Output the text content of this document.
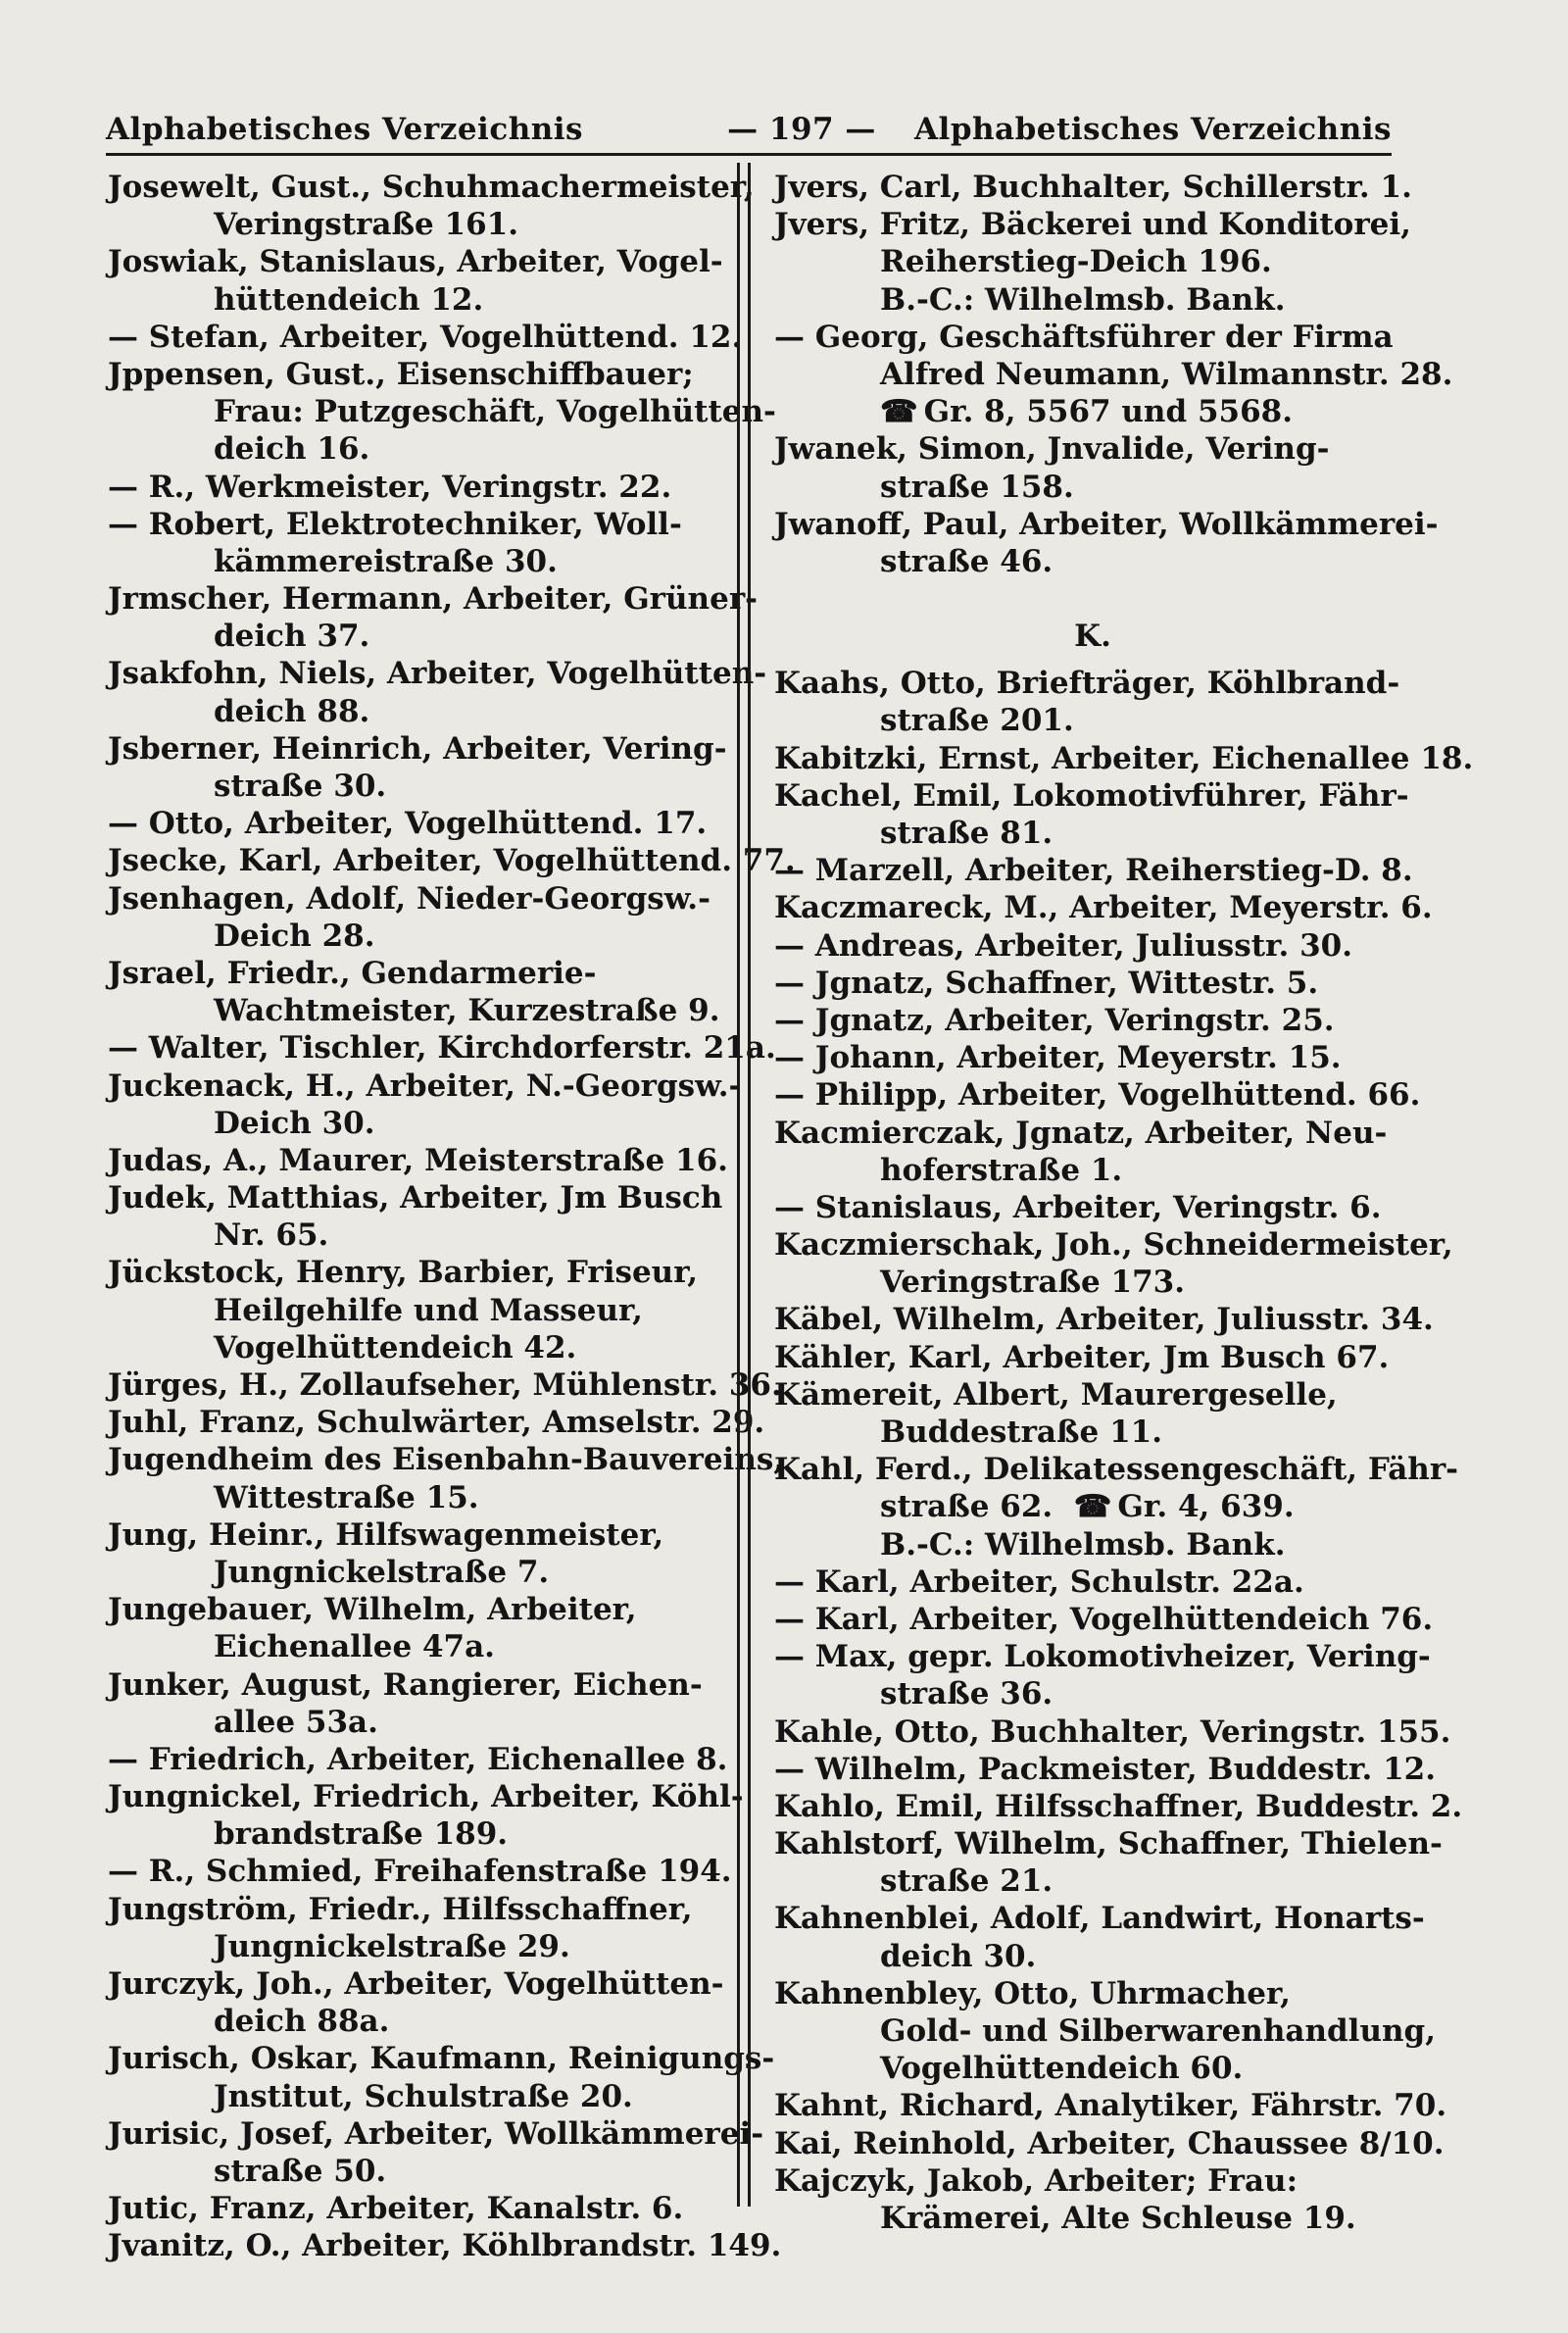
Alphabetisches Verzeichnis	— 197 —	Alphabetisches Verzeichnis
Josewelt, Gust., Schuhmachermeister,
Veringstraße 161.
Joswiak, Stanislaus, Arbeiter, Vogel-
hüttendeich 12.
— Stefan, Arbeiter, Vogelhüttend. 12.
Jppensen, Gust., Eisenschiffbauer;
Frau: Putzgeschäft, Vogelhütten-
deich 16.
— R., Werkmeister, Veringstr. 22.
— Robert, Elektrotechniker, Woll-
kämmereistraße 30.
Jrmscher, Hermann, Arbeiter, Grüner-
deich 37.
Jsakfohn, Niels, Arbeiter, Vogelhütten-
deich 88.
Jsberner, Heinrich, Arbeiter, Vering-
straße 30.
— Otto, Arbeiter, Vogelhüttend. 17.
Jsecke, Karl, Arbeiter, Vogelhüttend. 77.
Jsenhagen, Adolf, Nieder-Georgsw.-
Deich 28.
Jsrael, Friedr., Gendarmerie-
Wachtmeister, Kurzestraße 9.
— Walter, Tischler, Kirchdorferstr. 21a.
Juckenack, H., Arbeiter, N.-Georgsw.-
Deich 30.
Judas, A., Maurer, Meisterstraße 16.
Judek, Matthias, Arbeiter, Jm Busch
Nr. 65.
Jückstock, Henry, Barbier, Friseur,
Heilgehilfe und Masseur,
Vogelhüttendeich 42.
Jürges, H., Zollaufseher, Mühlenstr. 36.
Juhl, Franz, Schulwärter, Amselstr. 29.
Jugendheim des Eisenbahn-Bauvereins,
Wittestraße 15.
Jung, Heinr., Hilfswagenmeister,
Jungnickelstraße 7.
Jungebauer, Wilhelm, Arbeiter,
Eichenallee 47a.
Junker, August, Rangierer, Eichen-
allee 53a.
— Friedrich, Arbeiter, Eichenallee 8.
Jungnickel, Friedrich, Arbeiter, Köhl-
brandstraße 189.
— R., Schmied, Freihafenstraße 194.
Jungström, Friedr., Hilfsschaffner,
Jungnickelstraße 29.
Jurczyk, Joh., Arbeiter, Vogelhütten-
deich 88a.
Jurisch, Oskar, Kaufmann, Reinigungs-
Jnstitut, Schulstraße 20.
Jurisic, Josef, Arbeiter, Wollkämmerei-
straße 50.
Jutic, Franz, Arbeiter, Kanalstr. 6.
Jvanitz, O., Arbeiter, Köhlbrandstr. 149.
Jvers, Carl, Buchhalter, Schillerstr. 1.
Jvers, Fritz, Bäckerei und Konditorei,
Reiherstieg-Deich 196.
B.-C.: Wilhelmsb. Bank.
— Georg, Geschäftsführer der Firma
Alfred Neumann, Wilmannstr. 28.
☎ Gr. 8, 5567 und 5568.
Jwanek, Simon, Jnvalide, Vering-
straße 158.
Jwanoff, Paul, Arbeiter, Wollkämmerei-
straße 46.
K.
Kaahs, Otto, Briefträger, Köhlbrand-
straße 201.
Kabitzki, Ernst, Arbeiter, Eichenallee 18.
Kachel, Emil, Lokomotivführer, Fähr-
straße 81.
— Marzell, Arbeiter, Reiherstieg-D. 8.
Kaczmareck, M., Arbeiter, Meyerstr. 6.
— Andreas, Arbeiter, Juliusstr. 30.
— Jgnatz, Schaffner, Wittestr. 5.
— Jgnatz, Arbeiter, Veringstr. 25.
— Johann, Arbeiter, Meyerstr. 15.
— Philipp, Arbeiter, Vogelhüttend. 66.
Kacmierczak, Jgnatz, Arbeiter, Neu-
hoferstraße 1.
— Stanislaus, Arbeiter, Veringstr. 6.
Kaczmierschak, Joh., Schneidermeister,
Veringstraße 173.
Käbel, Wilhelm, Arbeiter, Juliusstr. 34.
Kähler, Karl, Arbeiter, Jm Busch 67.
Kämereit, Albert, Maurergeselle,
Buddestraße 11.
Kahl, Ferd., Delikatessengeschäft, Fähr-
straße 62. ☎ Gr. 4, 639.
B.-C.: Wilhelmsb. Bank.
— Karl, Arbeiter, Schulstr. 22a.
— Karl, Arbeiter, Vogelhüttendeich 76.
— Max, gepr. Lokomotivheizer, Vering-
straße 36.
Kahle, Otto, Buchhalter, Veringstr. 155.
— Wilhelm, Packmeister, Buddestr. 12.
Kahlo, Emil, Hilfsschaffner, Buddestr. 2.
Kahlstorf, Wilhelm, Schaffner, Thielen-
straße 21.
Kahnenblei, Adolf, Landwirt, Honarts-
deich 30.
Kahnenbley, Otto, Uhrmacher,
Gold- und Silberwarenhandlung,
Vogelhüttendeich 60.
Kahnt, Richard, Analytiker, Fährstr. 70.
Kai, Reinhold, Arbeiter, Chaussee 8/10.
Kajczyk, Jakob, Arbeiter; Frau:
Krämerei, Alte Schleuse 19.
